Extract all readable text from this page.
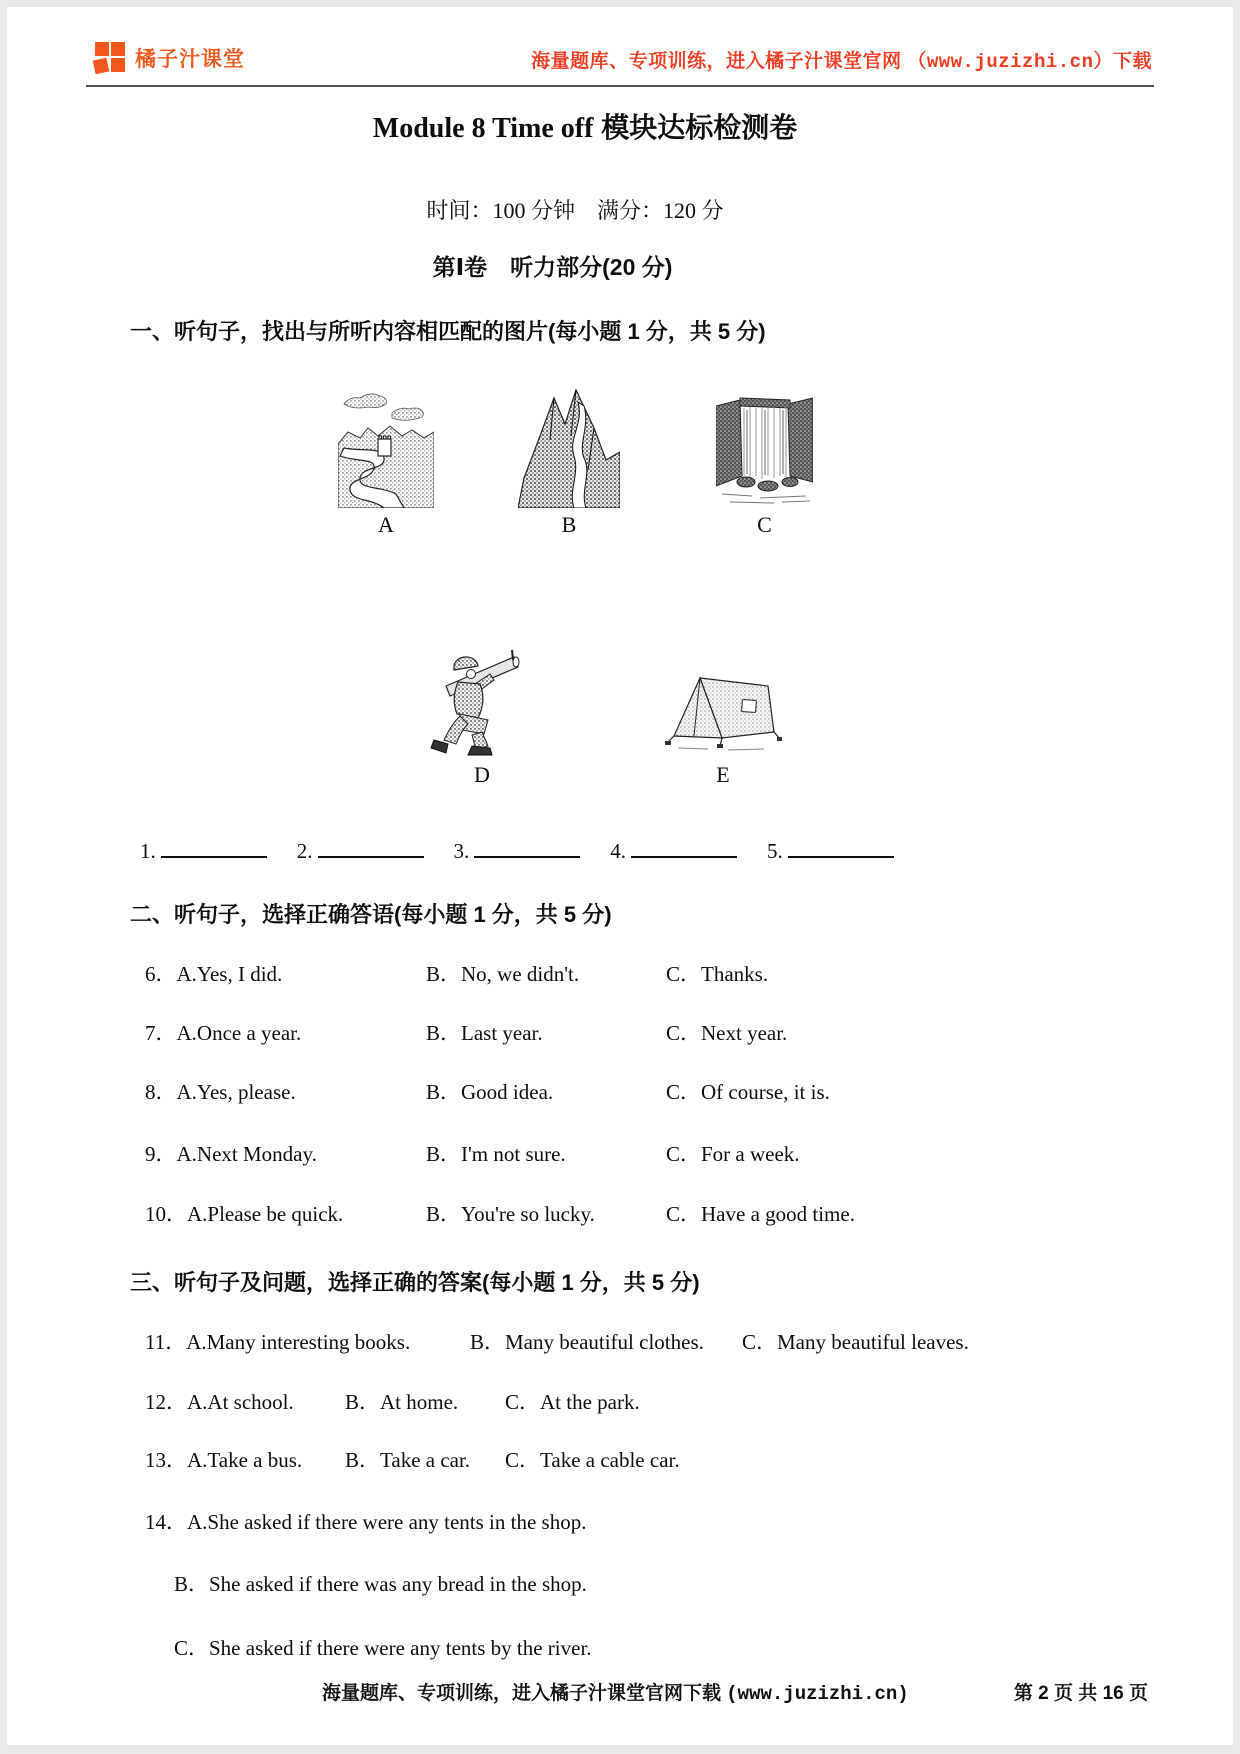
橘子汁课堂	海量题库、专项训练，进入橘子汁课堂官网 （www.juzizhi.cn）下载
Module 8 Time off 模块达标检测卷
时间：100 分钟　满分：120 分
第Ⅰ卷　听力部分(20 分)
一、听句子，找出与所听内容相匹配的图片(每小题 1 分，共 5 分)
A	B	C
D	E
1.	2.	3.	4.	5.
二、听句子，选择正确答语(每小题 1 分，共 5 分)
6．A.Yes, I did.	B．No, we didn't.	C．Thanks.
7．A.Once a year.	B．Last year.	C．Next year.
8．A.Yes, please.	B．Good idea.	C．Of course, it is.
9．A.Next Monday.	B．I'm not sure.	C．For a week.
10．A.Please be quick.	B．You're so lucky.	C．Have a good time.
三、听句子及问题，选择正确的答案(每小题 1 分，共 5 分)
11．A.Many interesting books.	B．Many beautiful clothes.	C．Many beautiful leaves.
12．A.At school.	B．At home.	C．At the park.
13．A.Take a bus.	B．Take a car.	C．Take a cable car.
14．A.She asked if there were any tents in the shop.
B．She asked if there was any bread in the shop.
C．She asked if there were any tents by the river.
海量题库、专项训练，进入橘子汁课堂官网下载 (www.juzizhi.cn)	第 2 页 共 16 页
